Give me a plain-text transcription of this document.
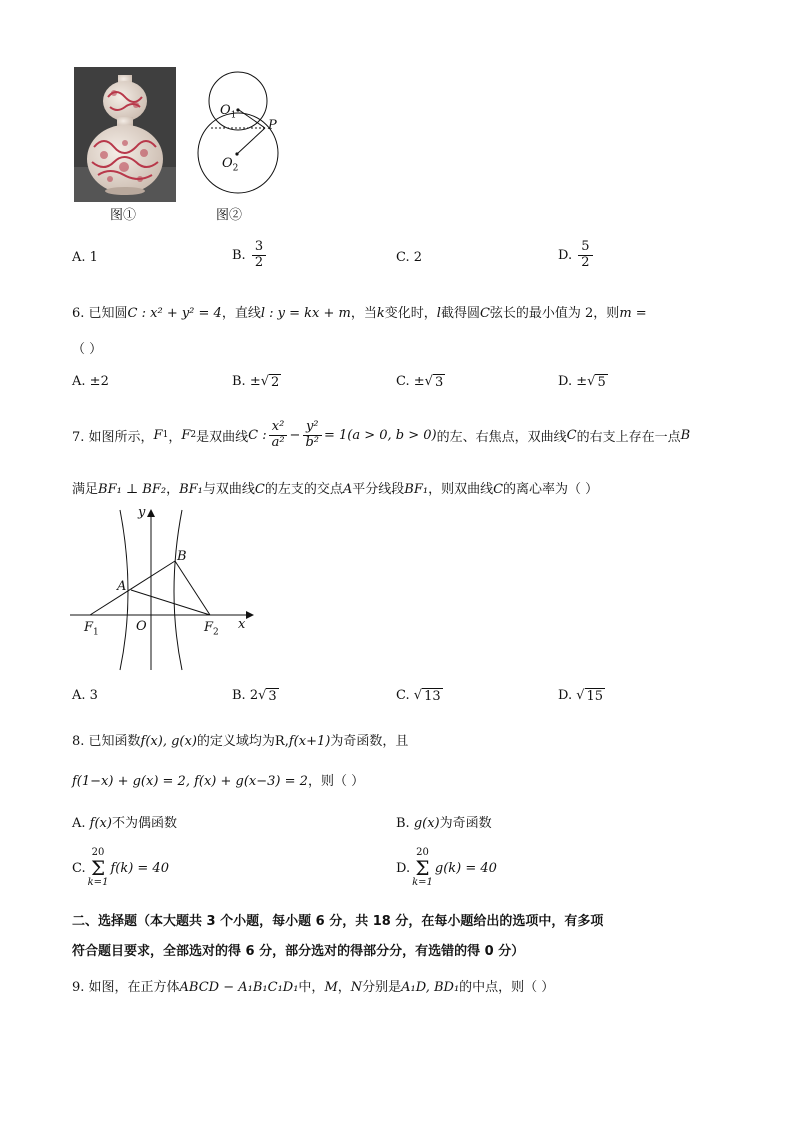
图①
$O_1$
P
$O_2$
图②
A. 1	B. $\frac{3}{2}$	C. 2	D. $\frac{5}{2}$
6. 已知圆C : x² + y² = 4，直线l : y = kx + m，当k变化时，l截得圆C弦长的最小值为 2，则m =
（ ）
A. ±2	B. ±√ 2	C. ±√ 3	D. ±√ 5
7. 如图所示， F 1 ， F 2 是双曲线 C : $\frac{\text{x²}}{\text{a²}} - \frac{\text{y²}}{\text{b²}} = 1(a > 0$, b > 0) 的左、右焦点，双曲线 C 的右支上存在一点 B
满足BF₁ ⊥ BF₂，BF₁与双曲线C的左支的交点A平分线段BF₁，则双曲线C的离心率为（ ）
y
x
B
A
O
$F_1$	$F_2$
A. 3	B. 2√ 3	C. √ 13	D. √ 15
8. 已知函数f(x), g(x)的定义域均为R,f(x+1)为奇函数，且
f(1−x) + g(x) = 2, f(x) + g(x−3) = 2，则（ ）
A. f(x)不为偶函数	B. g(x)为奇函数
C.
20
Σ
k=1
f(k) = 40	D.
20
Σ
k=1
g(k) = 40
二、选择题（本大题共 3 个小题，每小题 6 分，共 18 分，在每小题给出的选项中，有多项
符合题目要求，全部选对的得 6 分，部分选对的得部分分，有选错的得 0 分）
9. 如图，在正方体ABCD − A₁B₁C₁D₁中，M，N分别是A₁D, BD₁的中点，则（ ）
